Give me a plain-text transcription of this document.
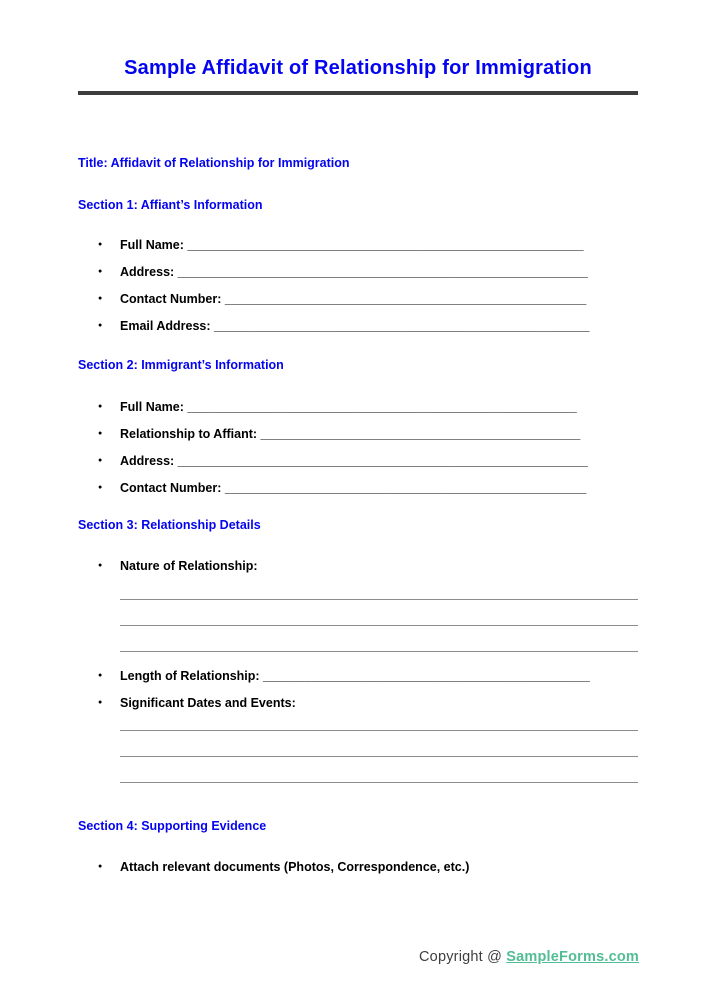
Sample Affidavit of Relationship for Immigration
Title: Affidavit of Relationship for Immigration
Section 1: Affiant’s Information
●
Full Name: _________________________________________________________
●
Address: ___________________________________________________________
●
Contact Number: ____________________________________________________
●
Email Address: ______________________________________________________
Section 2: Immigrant’s Information
●
Full Name: ________________________________________________________
●
Relationship to Affiant: ______________________________________________
●
Address: ___________________________________________________________
●
Contact Number: ____________________________________________________
Section 3: Relationship Details
●
Nature of Relationship:
●
Length of Relationship: _______________________________________________
●
Significant Dates and Events:
Section 4: Supporting Evidence
●
Attach relevant documents (Photos, Correspondence, etc.)
Copyright @ SampleForms.com
